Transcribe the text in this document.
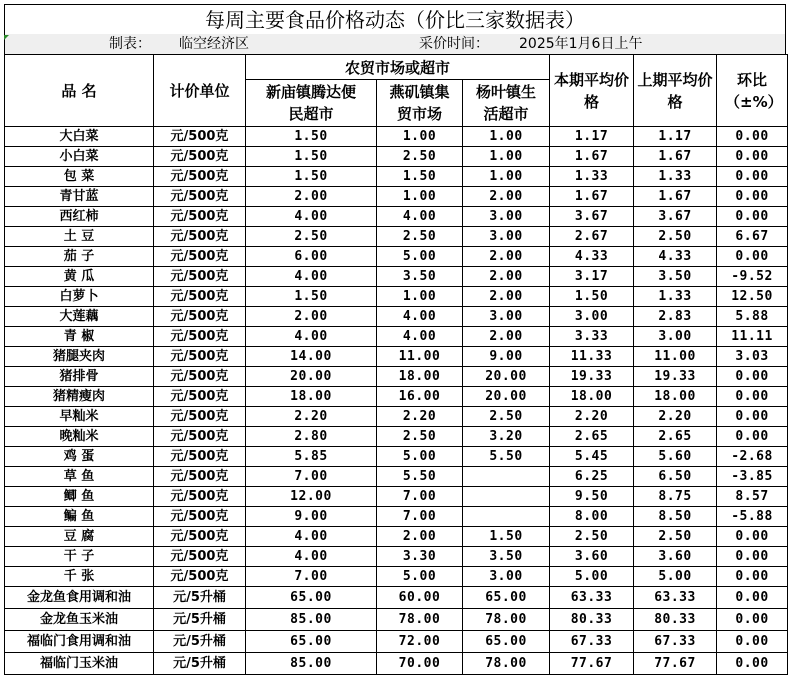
每周主要食品价格动态（价比三家数据表）
制表： 临空经济区	采价时间： 2025年1月6日上午
品 名	计价单位	农贸市场或超市			本期平均价格	上期平均价格	环比（±%）
		新庙镇腾达便民超市	燕矶镇集贸市场	杨叶镇生活超市			
大白菜	元/500克	1.50	1.00	1.00	1.17	1.17	0.00
小白菜	元/500克	1.50	2.50	1.00	1.67	1.67	0.00
包 菜	元/500克	1.50	1.50	1.00	1.33	1.33	0.00
青甘蓝	元/500克	2.00	1.00	2.00	1.67	1.67	0.00
西红柿	元/500克	4.00	4.00	3.00	3.67	3.67	0.00
土 豆	元/500克	2.50	2.50	3.00	2.67	2.50	6.67
茄 子	元/500克	6.00	5.00	2.00	4.33	4.33	0.00
黄 瓜	元/500克	4.00	3.50	2.00	3.17	3.50	-9.52
白萝卜	元/500克	1.50	1.00	2.00	1.50	1.33	12.50
大莲藕	元/500克	2.00	4.00	3.00	3.00	2.83	5.88
青 椒	元/500克	4.00	4.00	2.00	3.33	3.00	11.11
猪腿夹肉	元/500克	14.00	11.00	9.00	11.33	11.00	3.03
猪排骨	元/500克	20.00	18.00	20.00	19.33	19.33	0.00
猪精瘦肉	元/500克	18.00	16.00	20.00	18.00	18.00	0.00
早籼米	元/500克	2.20	2.20	2.50	2.20	2.20	0.00
晚籼米	元/500克	2.80	2.50	3.20	2.65	2.65	0.00
鸡 蛋	元/500克	5.85	5.00	5.50	5.45	5.60	-2.68
草 鱼	元/500克	7.00	5.50		6.25	6.50	-3.85
鲫 鱼	元/500克	12.00	7.00		9.50	8.75	8.57
鳊 鱼	元/500克	9.00	7.00		8.00	8.50	-5.88
豆 腐	元/500克	4.00	2.00	1.50	2.50	2.50	0.00
干 子	元/500克	4.00	3.30	3.50	3.60	3.60	0.00
千 张	元/500克	7.00	5.00	3.00	5.00	5.00	0.00
金龙鱼食用调和油	元/5升桶	65.00	60.00	65.00	63.33	63.33	0.00
金龙鱼玉米油	元/5升桶	85.00	78.00	78.00	80.33	80.33	0.00
福临门食用调和油	元/5升桶	65.00	72.00	65.00	67.33	67.33	0.00
福临门玉米油	元/5升桶	85.00	70.00	78.00	77.67	77.67	0.00
